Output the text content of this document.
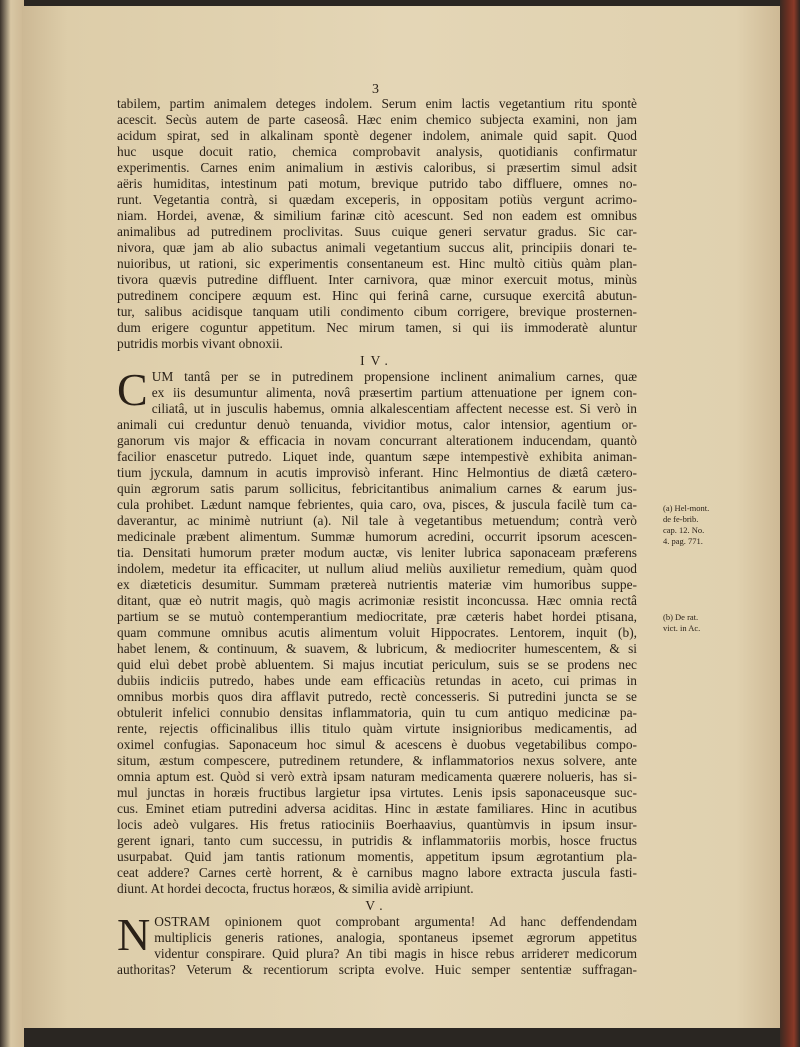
3
tabilem, partim animalem deteges indolem. Serum enim lactis vegetantium ritu spontè
acescit. Secùs autem de parte caseosâ. Hæc enim chemico subjecta examini, non jam
acidum spirat, sed in alkalinam spontè degener indolem, animale quid sapit. Quod
huc usque docuit ratio, chemica comprobavit analysis, quotidianis confirmatur
experimentis. Carnes enim animalium in æstivis caloribus, si præsertim simul adsit
aëris humiditas, intestinum pati motum, brevique putrido tabo diffluere, omnes no-
runt. Vegetantia contrà, si quædam exceperis, in oppositam potiùs vergunt acrimo-
niam. Hordei, avenæ, & similium farinæ citò acescunt. Sed non eadem est omnibus
animalibus ad putredinem proclivitas. Suus cuique generi servatur gradus. Sic car-
nivora, quæ jam ab alio subactus animali vegetantium succus alit, principiis donari te-
nuioribus, ut rationi, sic experimentis consentaneum est. Hinc multò citiùs quàm plan-
tivora quævis putredine diffluent. Inter carnivora, quæ minor exercuit motus, minùs
putredinem concipere æquum est. Hinc qui ferinâ carne, cursuque exercitâ abutun-
tur, salibus acidisque tanquam utili condimento cibum corrigere, brevique prosternen-
dum erigere coguntur appetitum. Nec mirum tamen, si qui iis immoderatè aluntur
putridis morbis vivant obnoxii.
IV.
C UM tantâ per se in putredinem propensione inclinent animalium carnes, quæ
ex iis desumuntur alimenta, novâ præsertim partium attenuatione per ignem con-
ciliatâ, ut in jusculis habemus, omnia alkalescentiam affectent necesse est. Si verò in
animali cui creduntur denuò tenuanda, vividior motus, calor intensior, agentium or-
ganorum vis major & efficacia in novam concurrant alterationem inducendam, quantò
facilior enascetur putredo. Liquet inde, quantum sæpe intempestivè exhibita animan-
tium jускula, damnum in acutis improvisò inferant. Hinc Helmontius de diætâ cætero-
quin ægrorum satis parum sollicitus, febricitantibus animalium carnes & earum jus-
cula prohibet. Lædunt namque febrientes, quia caro, ova, pisces, & juscula facilè tum ca-
daverantur, ac minimè nutriunt (a). Nil tale à vegetantibus metuendum; contrà verò
medicinale præbent alimentum. Summæ humorum acredini, occurrit ipsorum acescen-
tia. Densitati humorum præter modum auctæ, vis leniter lubrica saponaceam præferens
indolem, medetur ita efficaciter, ut nullum aliud meliùs auxilietur remedium, quàm quod
ex diæteticis desumitur. Summam prætereà nutrientis materiæ vim humoribus suppe-
ditant, quæ eò nutrit magis, quò magis acrimoniæ resistit inconcussa. Hæc omnia rectâ
partium se se mutuò contemperantium mediocritate, præ cæteris habet hordei ptisana,
quam commune omnibus acutis alimentum voluit Hippocrates. Lentorem, inquit (b),
habet lenem, & continuum, & suavem, & lubricum, & mediocriter humescentem, & si
quid eluì debet probè abluentem. Si majus incutiat periculum, suis se se prodens nec
dubiis indiciis putredo, habes unde eam efficaciùs retundas in aceto, cui primas in
omnibus morbis quos dira afflavit putredo, rectè concesseris. Si putredini juncta se se
obtulerit infelici connubio densitas inflammatoria, quin tu cum antiquo medicinæ pa-
rente, rejectis officinalibus illis titulo quàm virtute insignioribus medicamentis, ad
oximel confugias. Saponaceum hoc simul & acescens è duobus vegetabilibus compo-
situm, æstum compescere, putredinem retundere, & inflammatorios nexus solvere, ante
omnia aptum est. Quòd si verò extrà ipsam naturam medicamenta quærere nolueris, has si-
mul junctas in horæis fructibus largietur ipsa virtutes. Lenis ipsis saponaceusque suc-
cus. Eminet etiam putredini adversa aciditas. Hinc in æstate familiares. Hinc in acutibus
locis adeò vulgares. His fretus ratiociniis Boerhaavius, quantùmvis in ipsum insur-
gerent ignari, tanto cum successu, in putridis & inflammatoriis morbis, hosce fructus
usurpabat. Quid jam tantis rationum momentis, appetitum ipsum ægrotantium pla-
ceat addere? Carnes certè horrent, & è carnibus magno labore extracta juscula fasti-
diunt. At hordei decocta, fructus horæos, & similia avidè arripiunt.
V.
N OSTRAM opinionem quot comprobant argumenta! Ad hanc deffendendam
multiplicis generis rationes, analogia, spontaneus ipsemet ægrorum appetitus
videntur conspirare. Quid plura? An tibi magis in hisce rebus arriderет medicorum
authoritas? Veterum & recentiorum scripta evolve. Huic semper sententiæ suffragan-
(a) Hel-mont. de fe-brib. cap. 12. No. 4. pag. 771.
(b) De rat. vict. in Ac.
